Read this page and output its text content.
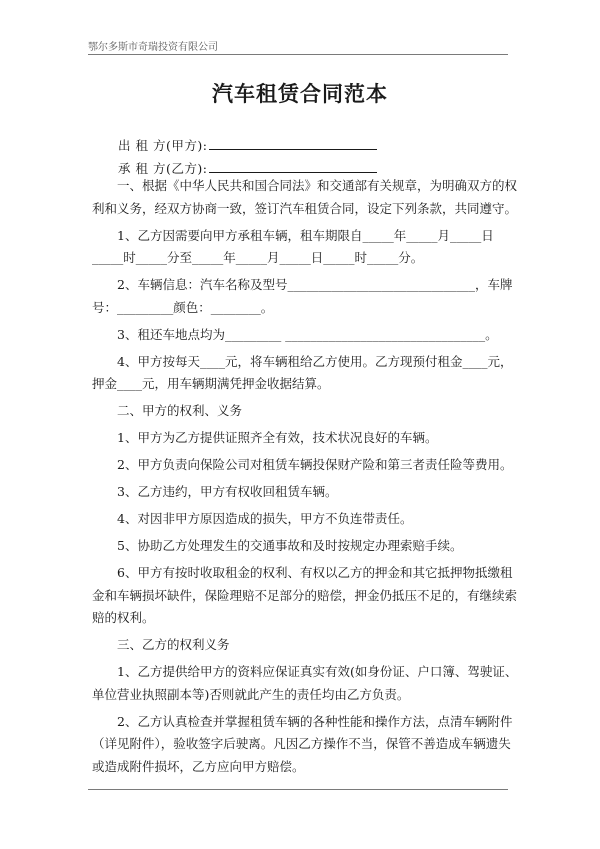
鄂尔多斯市奇瑞投资有限公司
汽车租赁合同范本
出 租 方(甲方):
承 租 方(乙方):

一、根据《中华人民共和国合同法》和交通部有关规章，为明确双方的权利和义务，经双方协商一致，签订汽车租赁合同，设定下列条款，共同遵守。

1、乙方因需要向甲方承租车辆，租车期限自_____年_____月_____日_____时_____分至_____年_____月_____日_____时_____分。

2、车辆信息：汽车名称及型号______________________________，车牌号：_________颜色：________。

3、租还车地点均为_________ ________________________________。

4、甲方按每天____元，将车辆租给乙方使用。乙方现预付租金____元，押金____元，用车辆期满凭押金收据结算。

二、甲方的权利、义务

1、甲方为乙方提供证照齐全有效，技术状况良好的车辆。

2、甲方负责向保险公司对租赁车辆投保财产险和第三者责任险等费用。

3、乙方违约，甲方有权收回租赁车辆。

4、对因非甲方原因造成的损失，甲方不负连带责任。

5、协助乙方处理发生的交通事故和及时按规定办理索赔手续。

6、甲方有按时收取租金的权利、有权以乙方的押金和其它抵押物抵缴租金和车辆损坏缺件，保险理赔不足部分的赔偿，押金仍抵压不足的，有继续索赔的权利。

三、乙方的权利义务

1、乙方提供给甲方的资料应保证真实有效(如身份证、户口簿、驾驶证、单位营业执照副本等)否则就此产生的责任均由乙方负责。

2、乙方认真检查并掌握租赁车辆的各种性能和操作方法，点清车辆附件（详见附件），验收签字后驶离。凡因乙方操作不当，保管不善造成车辆遗失或造成附件损坏，乙方应向甲方赔偿。
